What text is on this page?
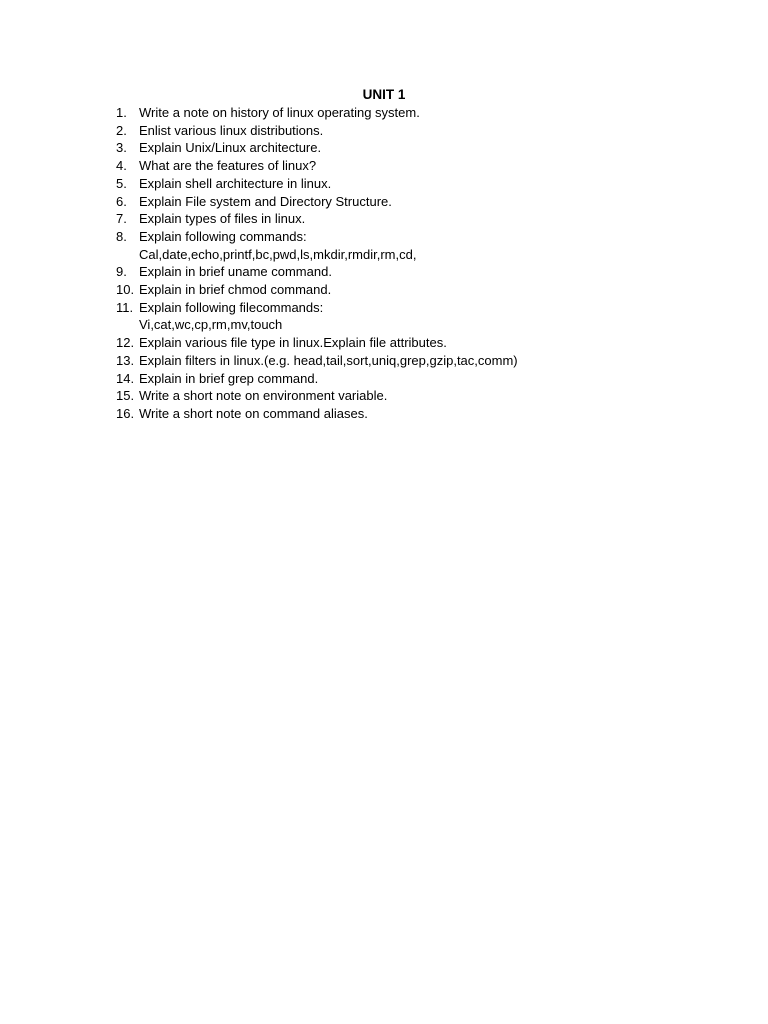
UNIT 1
1. Write a note on history of linux operating system.
2. Enlist various linux distributions.
3. Explain Unix/Linux architecture.
4. What are the features of linux?
5. Explain shell architecture in linux.
6. Explain File system and Directory Structure.
7. Explain types of files in linux.
8. Explain following commands:
Cal,date,echo,printf,bc,pwd,ls,mkdir,rmdir,rm,cd,
9. Explain in brief uname command.
10. Explain in brief chmod command.
11. Explain following filecommands:
Vi,cat,wc,cp,rm,mv,touch
12. Explain various file type in linux.Explain file attributes.
13. Explain filters in linux.(e.g. head,tail,sort,uniq,grep,gzip,tac,comm)
14. Explain in brief grep command.
15. Write a short note on environment variable.
16. Write a short note on command aliases.
